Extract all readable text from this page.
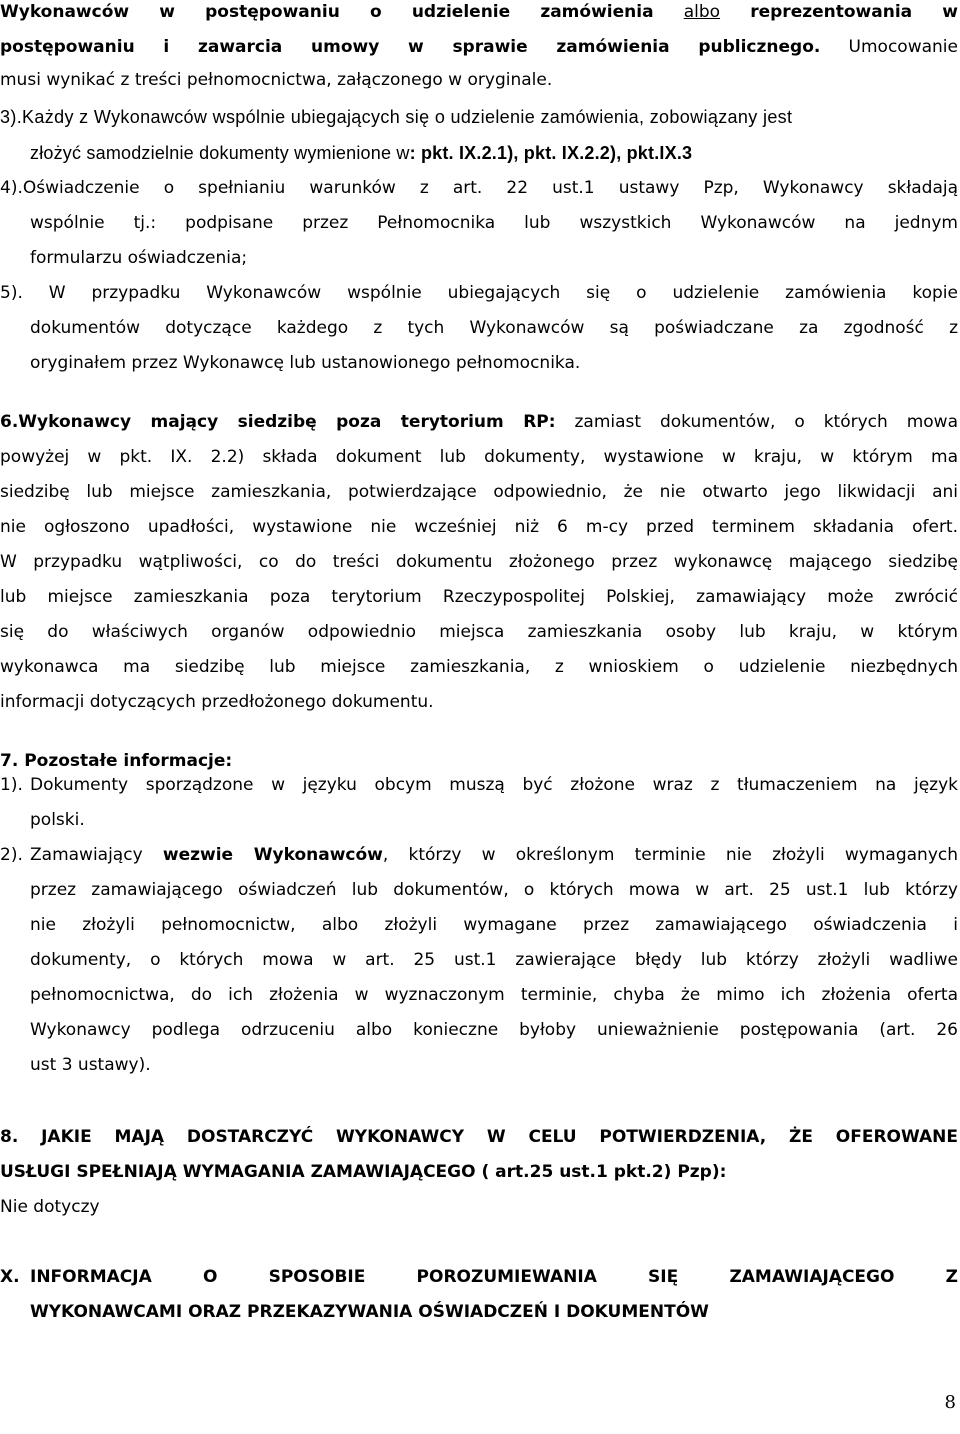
Wykonawców w postępowaniu o udzielenie zamówienia albo reprezentowania w
postępowaniu i zawarcia umowy w sprawie zamówienia publicznego. Umocowanie
musi wynikać z treści pełnomocnictwa, załączonego w oryginale.
3).Każdy z Wykonawców wspólnie ubiegających się o udzielenie zamówienia, zobowiązany jest
złożyć samodzielnie dokumenty wymienione w: pkt. IX.2.1), pkt. IX.2.2), pkt.IX.3
4).Oświadczenie o spełnianiu warunków z art. 22 ust.1 ustawy Pzp, Wykonawcy składają
wspólnie tj.: podpisane przez Pełnomocnika lub wszystkich Wykonawców na jednym
formularzu oświadczenia;
5). W przypadku Wykonawców wspólnie ubiegających się o udzielenie zamówienia kopie
dokumentów dotyczące każdego z tych Wykonawców są poświadczane za zgodność z
oryginałem przez Wykonawcę lub ustanowionego pełnomocnika.
6.Wykonawcy mający siedzibę poza terytorium RP: zamiast dokumentów, o których mowa
powyżej w pkt. IX. 2.2) składa dokument lub dokumenty, wystawione w kraju, w którym ma
siedzibę lub miejsce zamieszkania, potwierdzające odpowiednio, że nie otwarto jego likwidacji ani
nie ogłoszono upadłości, wystawione nie wcześniej niż 6 m-cy przed terminem składania ofert.
W przypadku wątpliwości, co do treści dokumentu złożonego przez wykonawcę mającego siedzibę
lub miejsce zamieszkania poza terytorium Rzeczypospolitej Polskiej, zamawiający może zwrócić
się do właściwych organów odpowiednio miejsca zamieszkania osoby lub kraju, w którym
wykonawca ma siedzibę lub miejsce zamieszkania, z wnioskiem o udzielenie niezbędnych
informacji dotyczących przedłożonego dokumentu.
7. Pozostałe informacje:
1). Dokumenty sporządzone w języku obcym muszą być złożone wraz z tłumaczeniem na język
polski.
2). Zamawiający wezwie Wykonawców, którzy w określonym terminie nie złożyli wymaganych
przez zamawiającego oświadczeń lub dokumentów, o których mowa w art. 25 ust.1 lub którzy
nie złożyli pełnomocnictw, albo złożyli wymagane przez zamawiającego oświadczenia i
dokumenty, o których mowa w art. 25 ust.1 zawierające błędy lub którzy złożyli wadliwe
pełnomocnictwa, do ich złożenia w wyznaczonym terminie, chyba że mimo ich złożenia oferta
Wykonawcy podlega odrzuceniu albo konieczne byłoby unieważnienie postępowania (art. 26
ust 3 ustawy).
8. JAKIE MAJĄ DOSTARCZYĆ WYKONAWCY W CELU POTWIERDZENIA, ŻE OFEROWANE
USŁUGI SPEŁNIAJĄ WYMAGANIA ZAMAWIAJĄCEGO ( art.25 ust.1 pkt.2) Pzp):
Nie dotyczy
X. INFORMACJA O SPOSOBIE POROZUMIEWANIA SIĘ ZAMAWIAJĄCEGO Z
WYKONAWCAMI ORAZ PRZEKAZYWANIA OŚWIADCZEŃ I DOKUMENTÓW
8
